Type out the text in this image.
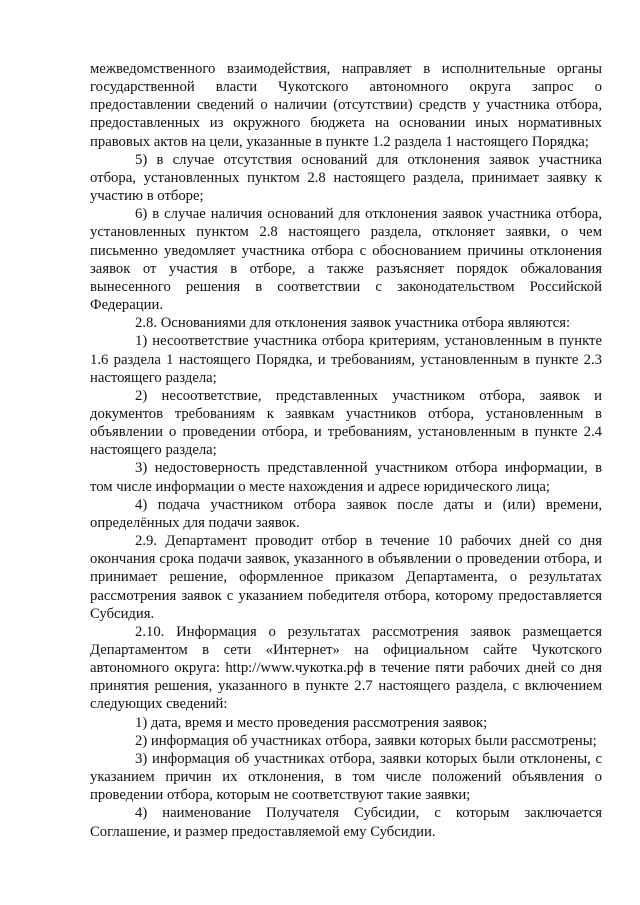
межведомственного взаимодействия, направляет в исполнительные органы государственной власти Чукотского автономного округа запрос о предоставлении сведений о наличии (отсутствии) средств у участника отбора, предоставленных из окружного бюджета на основании иных нормативных правовых актов на цели, указанные в пункте 1.2 раздела 1 настоящего Порядка;

5) в случае отсутствия оснований для отклонения заявок участника отбора, установленных пунктом 2.8 настоящего раздела, принимает заявку к участию в отборе;

6) в случае наличия оснований для отклонения заявок участника отбора, установленных пунктом 2.8 настоящего раздела, отклоняет заявки, о чем письменно уведомляет участника отбора с обоснованием причины отклонения заявок от участия в отборе, а также разъясняет порядок обжалования вынесенного решения в соответствии с законодательством Российской Федерации.

2.8. Основаниями для отклонения заявок участника отбора являются:

1) несоответствие участника отбора критериям, установленным в пункте 1.6 раздела 1 настоящего Порядка, и требованиям, установленным в пункте 2.3 настоящего раздела;

2) несоответствие, представленных участником отбора, заявок и документов требованиям к заявкам участников отбора, установленным в объявлении о проведении отбора, и требованиям, установленным в пункте 2.4 настоящего раздела;

3) недостоверность представленной участником отбора информации, в том числе информации о месте нахождения и адресе юридического лица;

4) подача участником отбора заявок после даты и (или) времени, определённых для подачи заявок.

2.9. Департамент проводит отбор в течение 10 рабочих дней со дня окончания срока подачи заявок, указанного в объявлении о проведении отбора, и принимает решение, оформленное приказом Департамента, о результатах рассмотрения заявок с указанием победителя отбора, которому предоставляется Субсидия.

2.10. Информация о результатах рассмотрения заявок размещается Департаментом в сети «Интернет» на официальном сайте Чукотского автономного округа: http://www.чукотка.рф в течение пяти рабочих дней со дня принятия решения, указанного в пункте 2.7 настоящего раздела, с включением следующих сведений:

1) дата, время и место проведения рассмотрения заявок;

2) информация об участниках отбора, заявки которых были рассмотрены;

3) информация об участниках отбора, заявки которых были отклонены, с указанием причин их отклонения, в том числе положений объявления о проведении отбора, которым не соответствуют такие заявки;

4) наименование Получателя Субсидии, с которым заключается Соглашение, и размер предоставляемой ему Субсидии.
